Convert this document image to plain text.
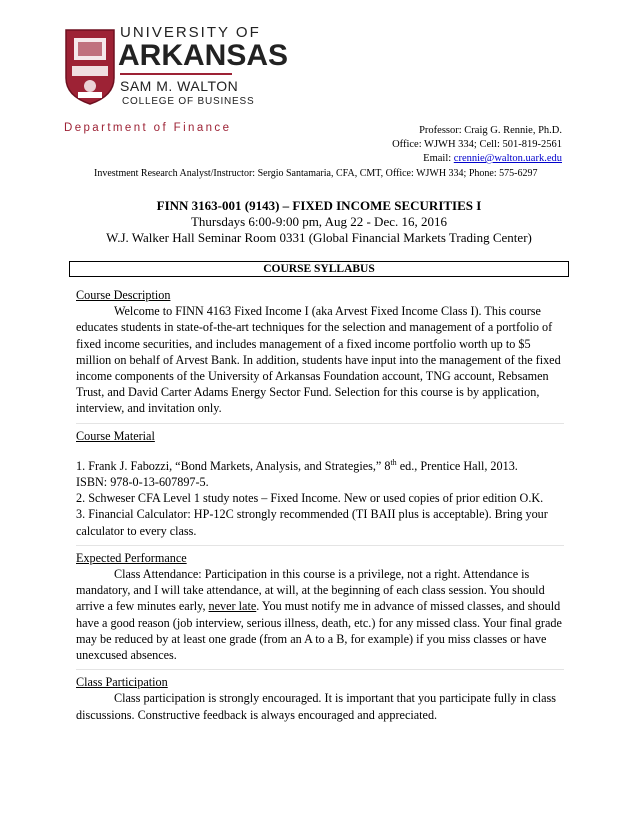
UNIVERSITY OF
ARKANSAS
SAM M. WALTON
COLLEGE OF BUSINESS
Department of Finance	Professor: Craig G. Rennie, Ph.D.
Office: WJWH 334; Cell: 501-819-2561
Email: crennie@walton.uark.edu
Investment Research Analyst/Instructor: Sergio Santamaria, CFA, CMT, Office: WJWH 334; Phone: 575-6297
FINN 3163-001 (9143) – FIXED INCOME SECURITIES I
Thursdays 6:00-9:00 pm, Aug 22 - Dec. 16, 2016
W.J. Walker Hall Seminar Room 0331 (Global Financial Markets Trading Center)
COURSE SYLLABUS
Course Description

Welcome to FINN 4163 Fixed Income I (aka Arvest Fixed Income Class I). This course educates students in state-of-the-art techniques for the selection and management of a portfolio of fixed income securities, and includes management of a fixed income portfolio worth up to $5 million on behalf of Arvest Bank. In addition, students have input into the management of the fixed income components of the University of Arkansas Foundation account, TNG account, Rebsamen Trust, and David Carter Adams Energy Sector Fund. Selection for this course is by application, interview, and invitation only.

Course Material
1. Frank J. Fabozzi, “Bond Markets, Analysis, and Strategies,” 8th ed., Prentice Hall, 2013.
ISBN: 978-0-13-607897-5.
2. Schweser CFA Level 1 study notes – Fixed Income. New or used copies of prior edition O.K.
3. Financial Calculator: HP-12C strongly recommended (TI BAII plus is acceptable). Bring your calculator to every class.
Expected Performance

Class Attendance: Participation in this course is a privilege, not a right. Attendance is mandatory, and I will take attendance, at will, at the beginning of each class session. You should arrive a few minutes early, never late. You must notify me in advance of missed classes, and should have a good reason (job interview, serious illness, death, etc.) for any missed class. Your final grade may be reduced by at least one grade (from an A to a B, for example) if you miss classes or have unexcused absences.

Class Participation

Class participation is strongly encouraged. It is important that you participate fully in class discussions. Constructive feedback is always encouraged and appreciated.
